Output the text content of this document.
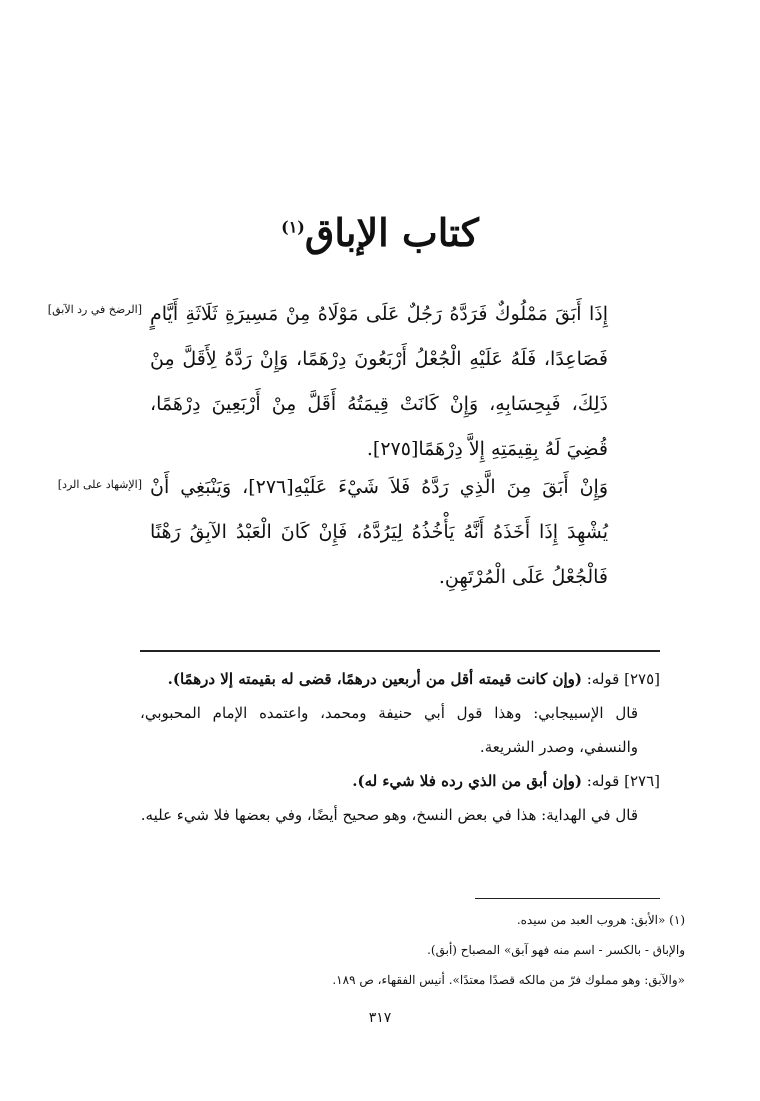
كتاب الإباق$^{(١)}$
[الرضخ في رد الآبق]
[الإشهاد على الرد]
إِذَا أَبَقَ مَمْلُوكٌ فَرَدَّهُ رَجُلٌ عَلَى مَوْلَاهُ مِنْ مَسِيرَةِ ثَلَاثَةِ أَيَّامٍ فَصَاعِدًا، فَلَهُ عَلَيْهِ الْجُعْلُ أَرْبَعُونَ دِرْهَمًا، وَإِنْ رَدَّهُ لِأَقَلَّ مِنْ ذَلِكَ، فَبِحِسَابِهِ، وَإِنْ كَانَتْ قِيمَتُهُ أَقَلَّ مِنْ أَرْبَعِينَ دِرْهَمًا، قُضِيَ لَهُ بِقِيمَتِهِ إِلاَّ دِرْهَمًا[٢٧٥].
وَإِنْ أَبَقَ مِنَ الَّذِي رَدَّهُ فَلاَ شَيْءَ عَلَيْهِ[٢٧٦]، وَيَنْبَغِي أَنْ يُشْهِدَ إِذَا أَخَذَهُ أَنَّهُ يَأْخُذُهُ لِيَرُدَّهُ، فَإِنْ كَانَ الْعَبْدُ الآبِقُ رَهْنًا فَالْجُعْلُ عَلَى الْمُرْتَهِنِ.

[٢٧٥] قوله: (وإن كانت قيمته أقل من أربعين درهمًا، قضى له بقيمته إلا درهمًا).

قال الإسبيجابي: وهذا قول أبي حنيفة ومحمد، واعتمده الإمام المحبوبي، والنسفي، وصدر الشريعة.

[٢٧٦] قوله: (وإن أبق من الذي رده فلا شيء له).

قال في الهداية: هذا في بعض النسخ، وهو صحيح أيضًا، وفي بعضها فلا شيء عليه.

(١) «الأبق: هروب العبد من سيده.

والإباق - بالكسر - اسم منه فهو آبق» المصباح (أبق).

«والآبق: وهو مملوك فرّ من مالكه قصدًا معتدًا». أنيس الفقهاء، ص ١٨٩.

٣١٧
